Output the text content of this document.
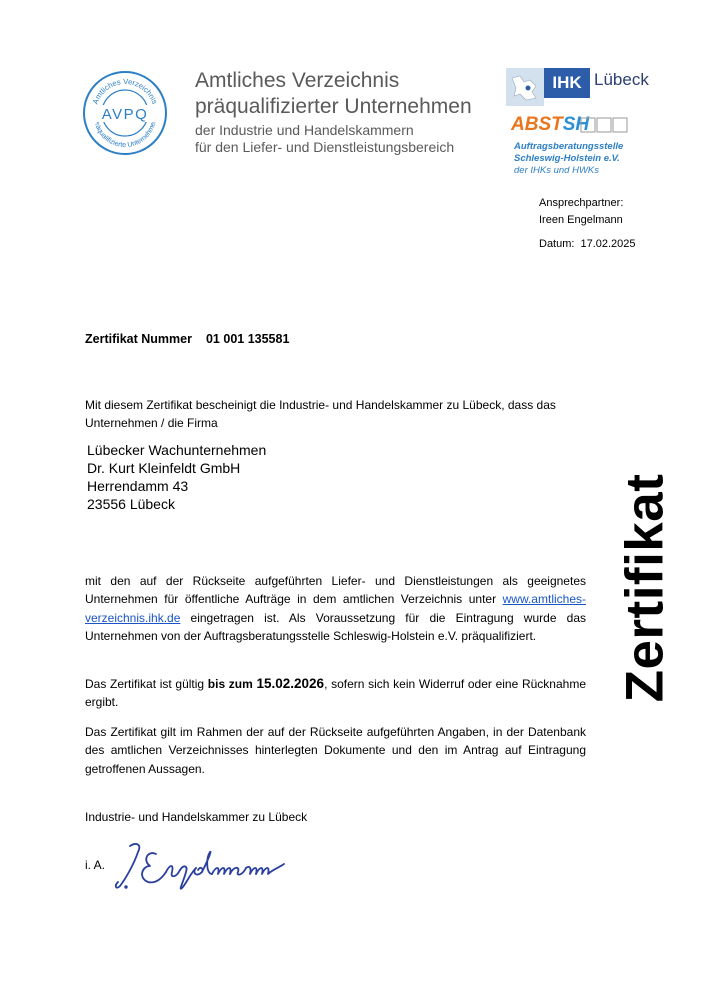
Amtliches Verzeichnis
räqualifizierte Unternehme
AVPQ
Amtliches Verzeichnis
präqualifizierter Unternehmen
der Industrie und Handelskammern
für den Liefer- und Dienstleistungsbereich
IHK Lübeck
ABSTSH
Auftragsberatungsstelle
Schleswig-Holstein e.V.
der IHKs und HWKs
Ansprechpartner:
Ireen Engelmann
Datum: 17.02.2025
Zertifikat Nummer 01 001 135581
Mit diesem Zertifikat bescheinigt die Industrie- und Handelskammer zu Lübeck, dass das Unternehmen / die Firma
Lübecker Wachunternehmen
Dr. Kurt Kleinfeldt GmbH
Herrendamm 43
23556 Lübeck
mit den auf der Rückseite aufgeführten Liefer- und Dienstleistungen als geeignetes Unternehmen für öffentliche Aufträge in dem amtlichen Verzeichnis unter www.amtliches-verzeichnis.ihk.de eingetragen ist. Als Voraussetzung für die Eintragung wurde das Unternehmen von der Auftragsberatungsstelle Schleswig-Holstein e.V. präqualifiziert.
Das Zertifikat ist gültig bis zum 15.02.2026, sofern sich kein Widerruf oder eine Rücknahme ergibt.
Das Zertifikat gilt im Rahmen der auf der Rückseite aufgeführten Angaben, in der Datenbank des amtlichen Verzeichnisses hinterlegten Dokumente und den im Antrag auf Eintragung getroffenen Aussagen.
Zertifikat
Industrie- und Handelskammer zu Lübeck
i. A.
